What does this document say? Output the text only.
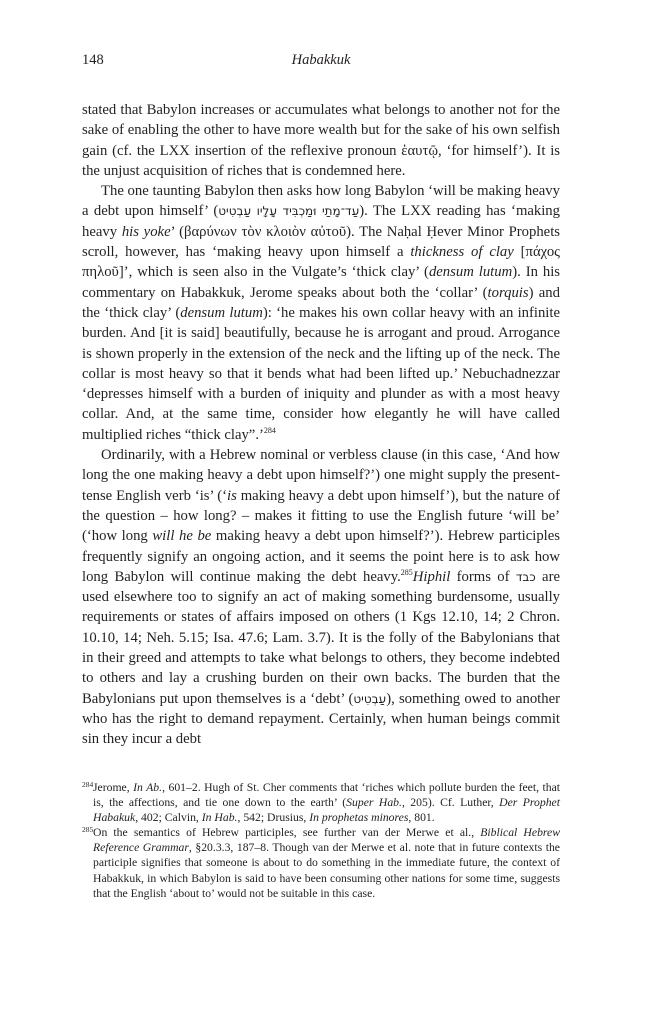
148	Habakkuk

stated that Babylon increases or accumulates what belongs to another not for the sake of enabling the other to have more wealth but for the sake of his own selfish gain (cf. the LXX insertion of the reflexive pronoun ἑαυτῷ, ‘for himself’). It is the unjust acquisition of riches that is condemned here.

The one taunting Babylon then asks how long Babylon ‘will be making heavy a debt upon himself’ (עַד־מָתַי וּמַכְבִּיד עָלָיו עַבְטִיט). The LXX reading has ‘making heavy his yoke’ (βαρύνων τὸν κλοιὸν αὐτοῦ). The Naḥal Ḥever Minor Prophets scroll, however, has ‘making heavy upon himself a thickness of clay [πάχος πηλοῦ]’, which is seen also in the Vulgate’s ‘thick clay’ (densum lutum). In his commentary on Habakkuk, Jerome speaks about both the ‘collar’ (torquis) and the ‘thick clay’ (densum lutum): ‘he makes his own collar heavy with an infinite burden. And [it is said] beautifully, because he is arrogant and proud. Arrogance is shown properly in the extension of the neck and the lifting up of the neck. The collar is most heavy so that it bends what had been lifted up.’ Nebuchadnezzar ‘depresses himself with a burden of iniquity and plunder as with a most heavy collar. And, at the same time, consider how elegantly he will have called multiplied riches “thick clay”.’$^{284}$

Ordinarily, with a Hebrew nominal or verbless clause (in this case, ‘And how long the one making heavy a debt upon himself?’) one might supply the present-tense English verb ‘is’ (‘is making heavy a debt upon himself’), but the nature of the question – how long? – makes it fitting to use the English future ‘will be’ (‘how long will he be making heavy a debt upon himself?’). Hebrew participles frequently signify an ongoing action, and it seems the point here is to ask how long Babylon will continue making the debt heavy.$^{285}$Hiphil forms of כבד are used elsewhere too to signify an act of making something burdensome, usually requirements or states of affairs imposed on others (1 Kgs 12.10, 14; 2 Chron. 10.10, 14; Neh. 5.15; Isa. 47.6; Lam. 3.7). It is the folly of the Babylonians that in their greed and attempts to take what belongs to others, they become indebted to others and lay a crushing burden on their own backs. The burden that the Babylonians put upon themselves is a ‘debt’ (עַבְטִיט), something owed to another who has the right to demand repayment. Certainly, when human beings commit sin they incur a debt

284 Jerome, In Ab., 601–2. Hugh of St. Cher comments that ‘riches which pollute burden the feet, that is, the affections, and tie one down to the earth’ (Super Hab., 205). Cf. Luther, Der Prophet Habakuk, 402; Calvin, In Hab., 542; Drusius, In prophetas minores, 801.

285 On the semantics of Hebrew participles, see further van der Merwe et al., Biblical Hebrew Reference Grammar, §20.3.3, 187–8. Though van der Merwe et al. note that in future contexts the participle signifies that someone is about to do something in the immediate future, the context of Habakkuk, in which Babylon is said to have been consuming other nations for some time, suggests that the English ‘about to’ would not be suitable in this case.
